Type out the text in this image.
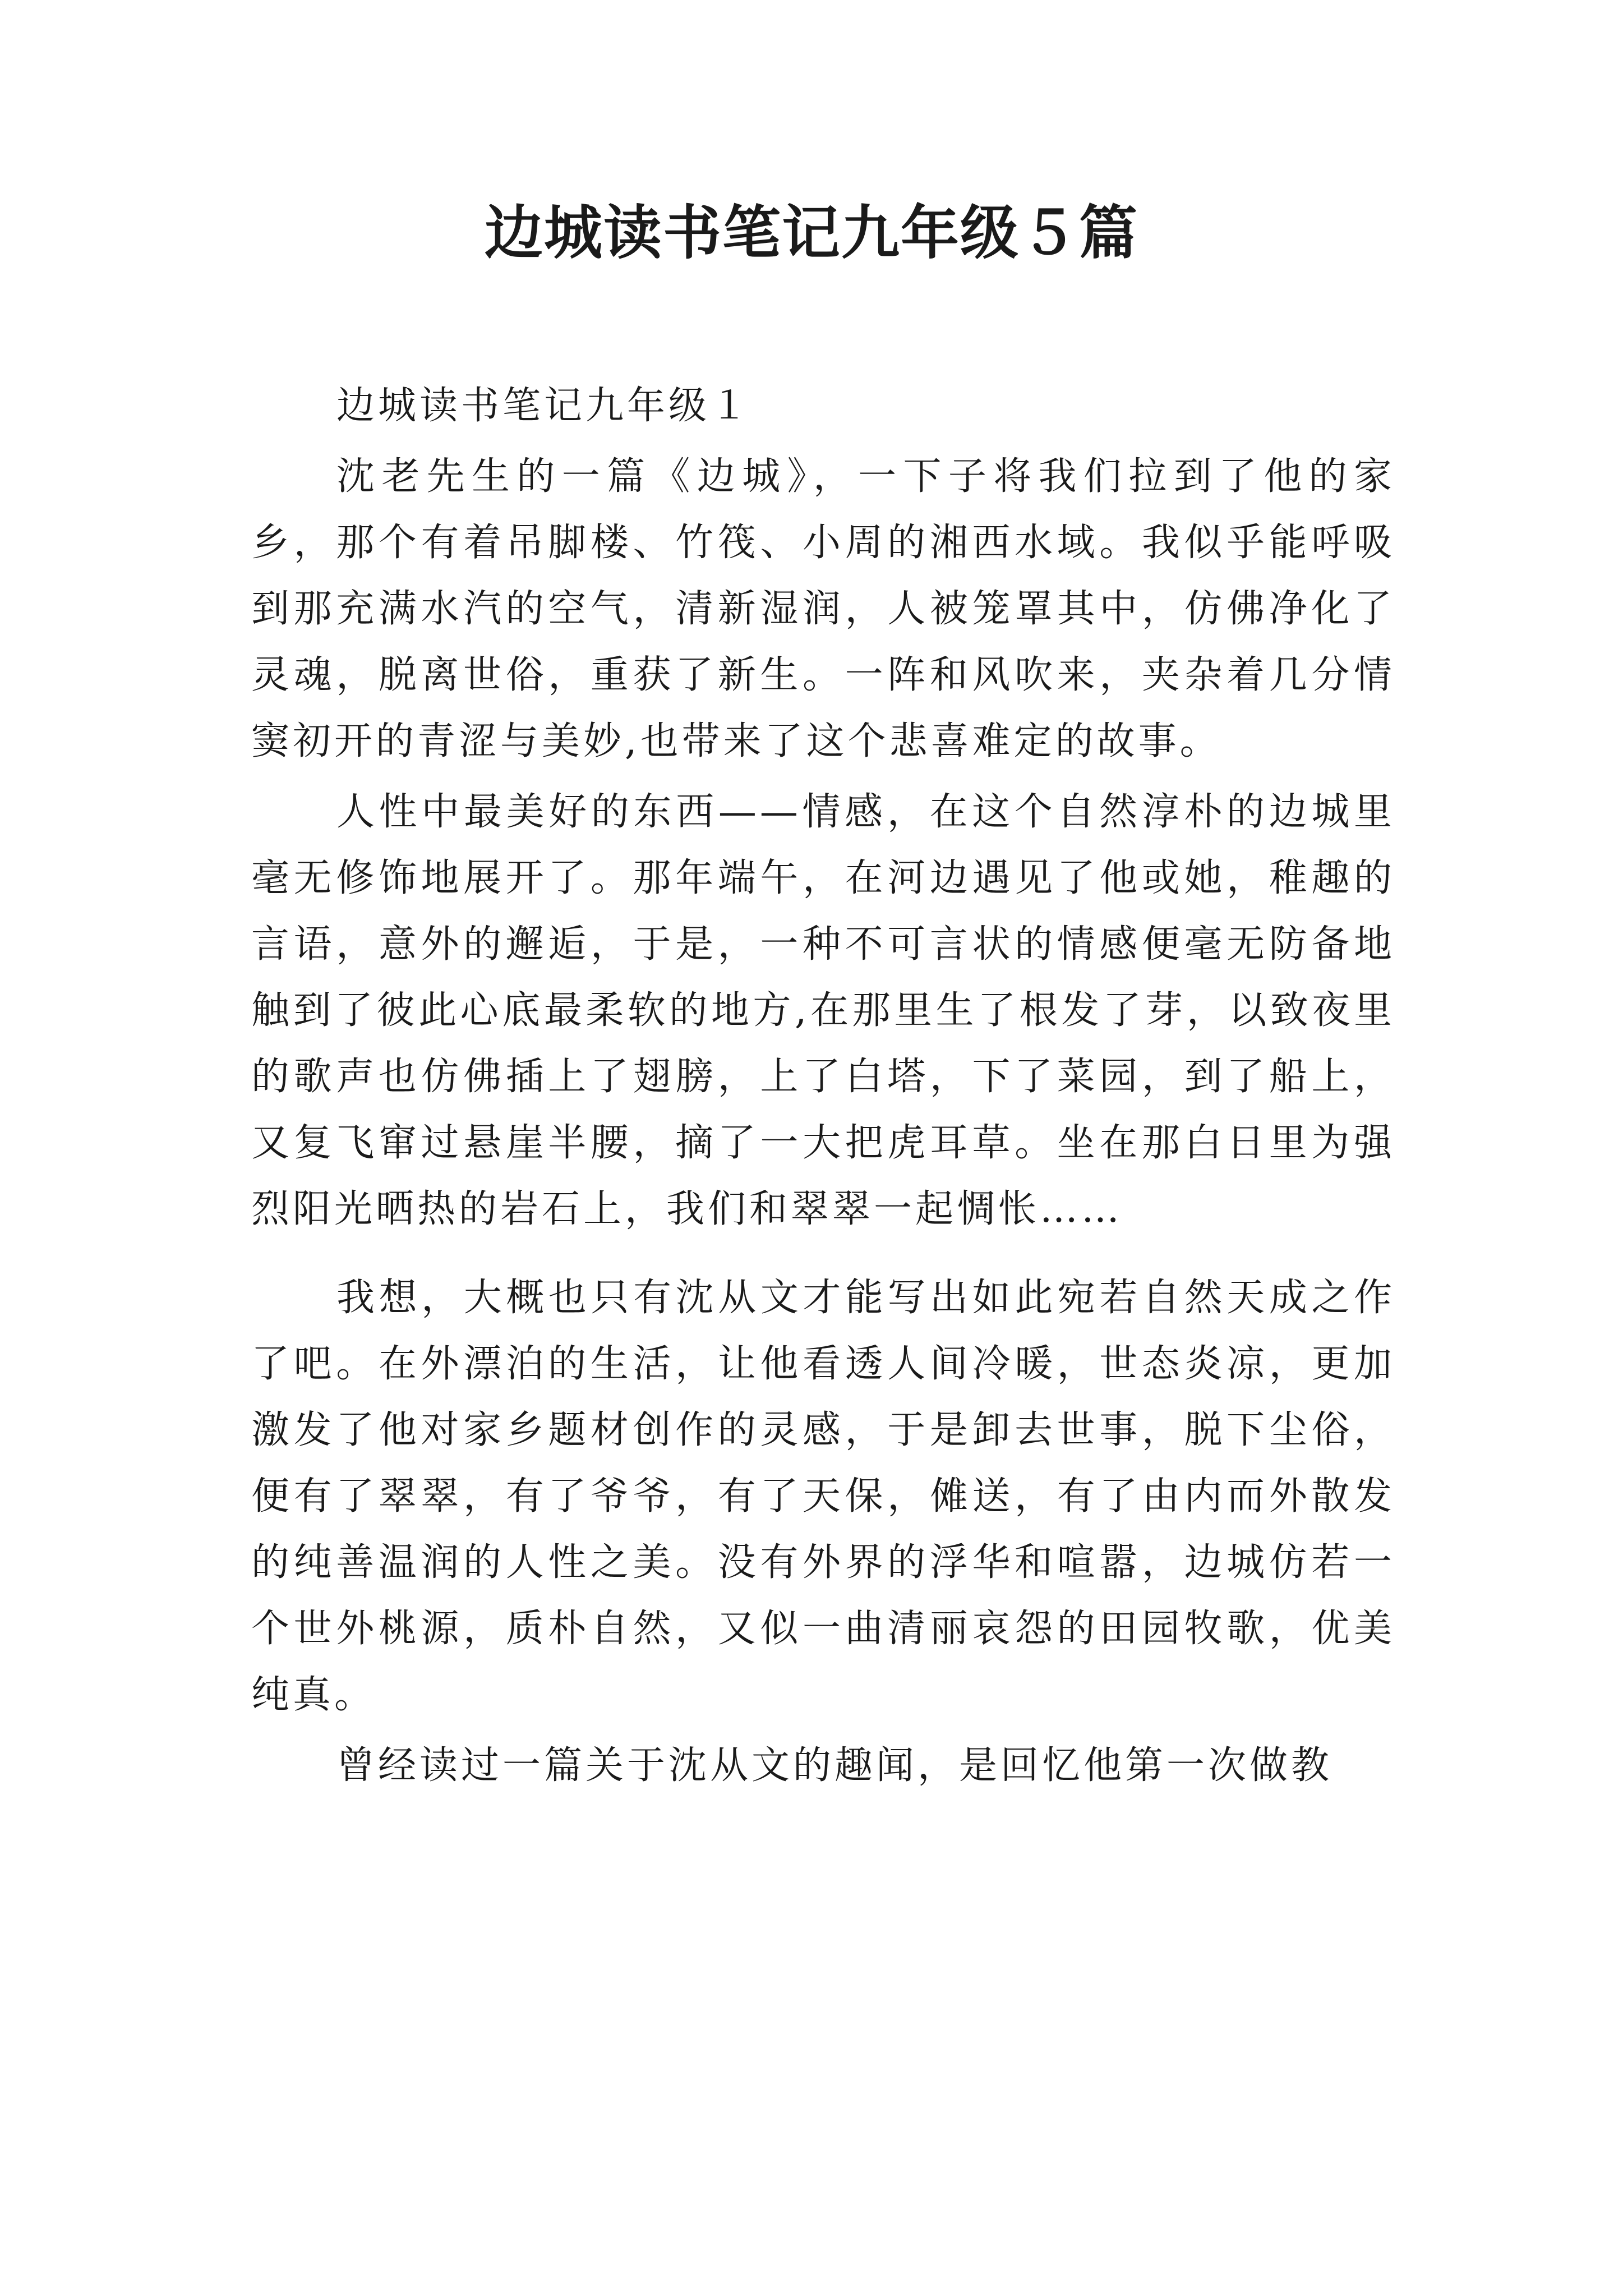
边城读书笔记九年级５篇

边城读书笔记九年级１

沈老先生的一篇《边城》，一下子将我们拉到了他的家乡，那个有着吊脚楼、竹筏、小周的湘西水域。我似乎能呼吸到那充满水汽的空气，清新湿润，人被笼罩其中，仿佛净化了灵魂，脱离世俗，重获了新生。一阵和风吹来，夹杂着几分情窦初开的青涩与美妙,也带来了这个悲喜难定的故事。

人性中最美好的东西——情感，在这个自然淳朴的边城里毫无修饰地展开了。那年端午，在河边遇见了他或她，稚趣的言语，意外的邂逅，于是，一种不可言状的情感便毫无防备地触到了彼此心底最柔软的地方,在那里生了根发了芽，以致夜里的歌声也仿佛插上了翅膀，上了白塔，下了菜园，到了船上，又复飞窜过悬崖半腰，摘了一大把虎耳草。坐在那白日里为强烈阳光晒热的岩石上，我们和翠翠一起惆怅……

我想，大概也只有沈从文才能写出如此宛若自然天成之作了吧。在外漂泊的生活，让他看透人间冷暖，世态炎凉，更加激发了他对家乡题材创作的灵感，于是卸去世事，脱下尘俗，便有了翠翠，有了爷爷，有了天保，傩送，有了由内而外散发的纯善温润的人性之美。没有外界的浮华和喧嚣，边城仿若一个世外桃源，质朴自然，又似一曲清丽哀怨的田园牧歌，优美纯真。

曾经读过一篇关于沈从文的趣闻，是回忆他第一次做教
